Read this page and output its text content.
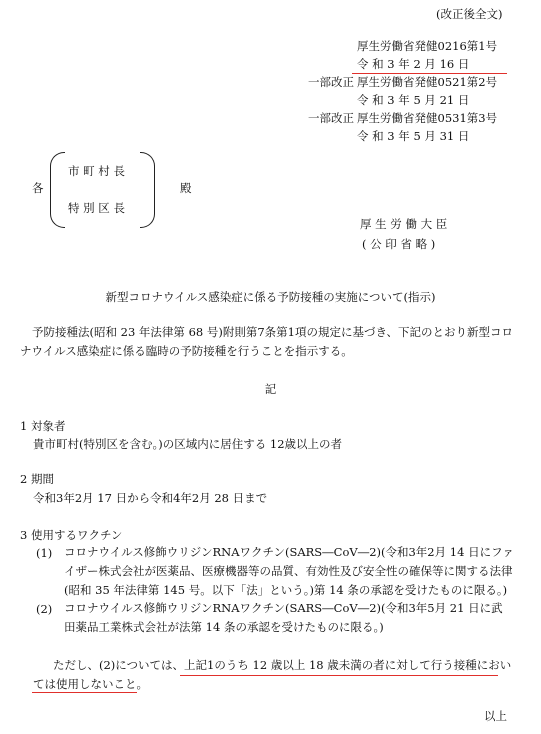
(改正後全文)
厚生労働省発健0216第1号
令 和 3 年 2 月 16 日
一部改正 厚生労働省発健0521第2号
令 和 3 年 5 月 21 日
一部改正 厚生労働省発健0531第3号
令 和 3 年 5 月 31 日
各
市 町 村 長
特 別 区 長
殿
厚 生 労 働 大 臣
( 公 印 省 略 )
新型コロナウイルス感染症に係る予防接種の実施について(指示)
予防接種法(昭和 23 年法律第 68 号)附則第7条第1項の規定に基づき、下記のとおり新型コロナウイルス感染症に係る臨時の予防接種を行うことを指示する。
記
1 対象者
貴市町村(特別区を含む。)の区域内に居住する 12歳以上の者
2 期間
令和3年2月 17 日から令和4年2月 28 日まで
3 使用するワクチン
(1) コロナウイルス修飾ウリジンRNAワクチン(SARS―CoV―2)(令和3年2月 14 日にファイザー株式会社が医薬品、医療機器等の品質、有効性及び安全性の確保等に関する法律(昭和 35 年法律第 145 号。以下「法」という。)第 14 条の承認を受けたものに限る。)
(2) コロナウイルス修飾ウリジンRNAワクチン(SARS―CoV―2)(令和3年5月 21 日に武田薬品工業株式会社が法第 14 条の承認を受けたものに限る。)
ただし、(2)については、上記1のうち 12 歳以上 18 歳未満の者に対して行う接種においては使用しないこと。
以上
